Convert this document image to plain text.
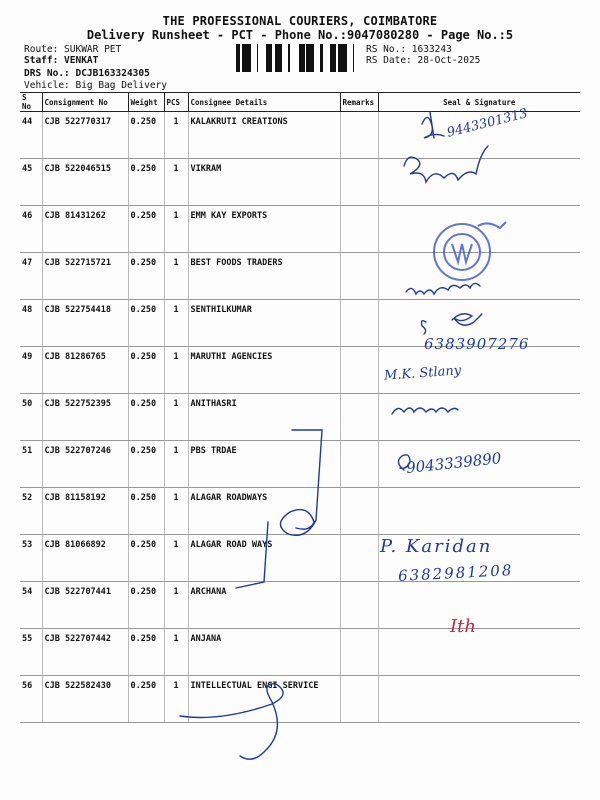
THE PROFESSIONAL COURIERS, COIMBATORE
Delivery Runsheet - PCT - Phone No.:9047080280 - Page No.:5
Route: SUKWAR PET
Staff: VENKAT
DRS No.: DCJB163324305
Vehicle: Big Bag Delivery
RS No.: 1633243
RS Date: 28-Oct-2025
S No	Consignment No	Weight	PCS	Consignee Details	Remarks	Seal & Signature
44	CJB 522770317	0.250	1	KALAKRUTI CREATIONS		
45	CJB 522046515	0.250	1	VIKRAM		
46	CJB 81431262	0.250	1	EMM KAY EXPORTS		
47	CJB 522715721	0.250	1	BEST FOODS TRADERS		
48	CJB 522754418	0.250	1	SENTHILKUMAR		
49	CJB 81286765	0.250	1	MARUTHI AGENCIES		
50	CJB 522752395	0.250	1	ANITHASRI		
51	CJB 522707246	0.250	1	PBS TRDAE		
52	CJB 81158192	0.250	1	ALAGAR ROADWAYS		
53	CJB 81066892	0.250	1	ALAGAR ROAD WAYS		
54	CJB 522707441	0.250	1	ARCHANA		
55	CJB 522707442	0.250	1	ANJANA		
56	CJB 522582430	0.250	1	INTELLECTUAL ENGI SERVICE		
9443301313
6383907276
M.K. Stlany
9043339890
P. Karidan
6382981208
Ith
